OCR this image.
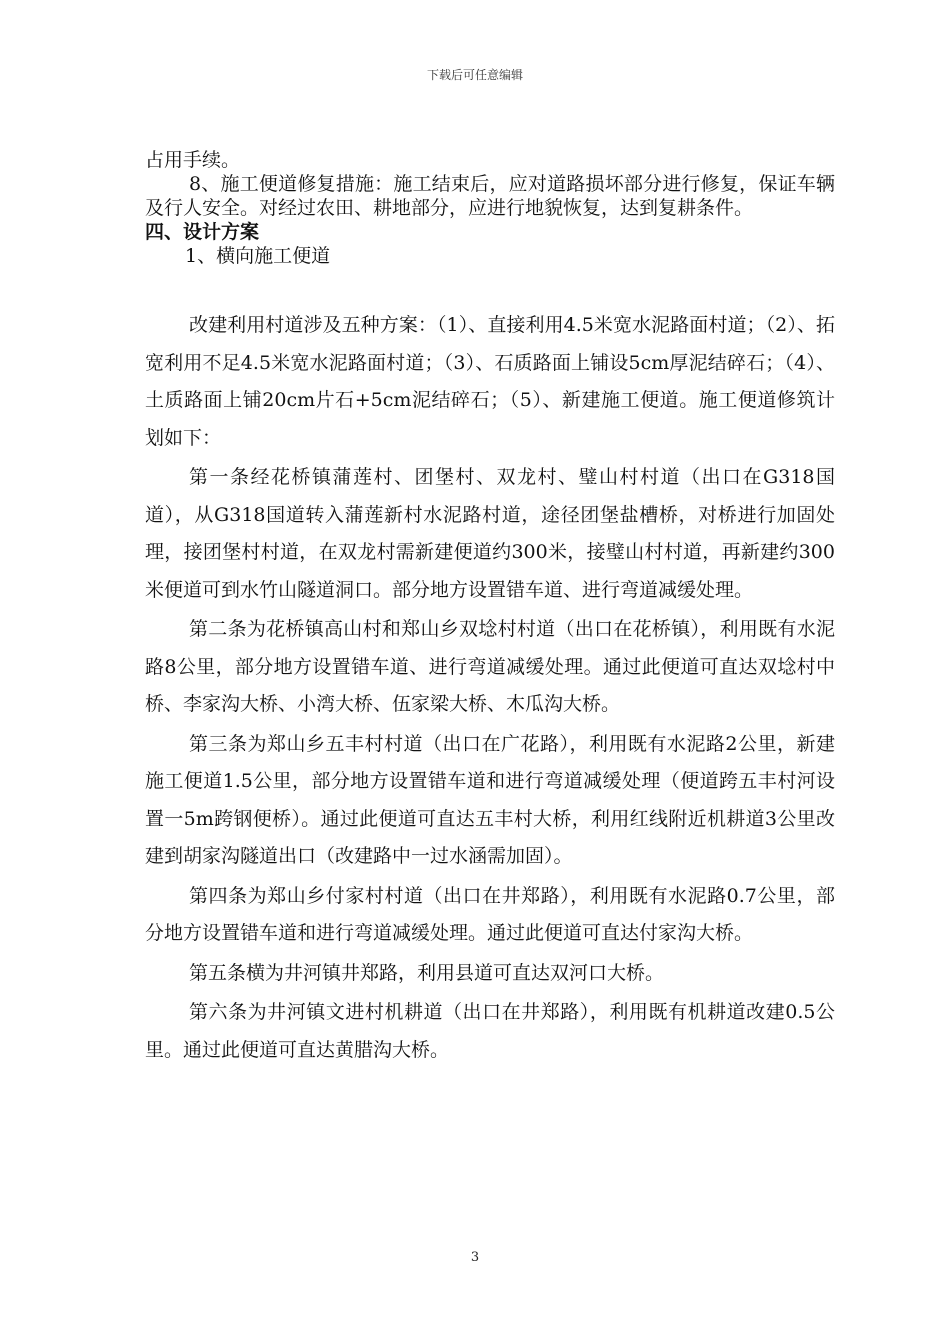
下载后可任意编辑

占用手续。

8、施工便道修复措施：施工结束后，应对道路损坏部分进行修复，保证车辆及行人安全。对经过农田、耕地部分，应进行地貌恢复，达到复耕条件。

四、设计方案

1、横向施工便道

改建利用村道涉及五种方案：（1）、直接利用4.5米宽水泥路面村道；（2）、拓宽利用不足4.5米宽水泥路面村道；（3）、石质路面上铺设5cm厚泥结碎石；（4）、土质路面上铺20cm片石+5cm泥结碎石；（5）、新建施工便道。施工便道修筑计划如下：

第一条经花桥镇蒲莲村、团堡村、双龙村、璧山村村道（出口在G318国道），从G318国道转入蒲莲新村水泥路村道，途径团堡盐槽桥，对桥进行加固处理，接团堡村村道，在双龙村需新建便道约300米，接璧山村村道，再新建约300米便道可到水竹山隧道洞口。部分地方设置错车道、进行弯道减缓处理。

第二条为花桥镇高山村和郑山乡双埝村村道（出口在花桥镇），利用既有水泥路8公里，部分地方设置错车道、进行弯道减缓处理。通过此便道可直达双埝村中桥、李家沟大桥、小湾大桥、伍家梁大桥、木瓜沟大桥。

第三条为郑山乡五丰村村道（出口在广花路），利用既有水泥路2公里，新建施工便道1.5公里，部分地方设置错车道和进行弯道减缓处理（便道跨五丰村河设置一5m跨钢便桥）。通过此便道可直达五丰村大桥，利用红线附近机耕道3公里改建到胡家沟隧道出口（改建路中一过水涵需加固）。

第四条为郑山乡付家村村道（出口在井郑路），利用既有水泥路0.7公里，部分地方设置错车道和进行弯道减缓处理。通过此便道可直达付家沟大桥。

第五条横为井河镇井郑路，利用县道可直达双河口大桥。

第六条为井河镇文进村机耕道（出口在井郑路），利用既有机耕道改建0.5公里。通过此便道可直达黄腊沟大桥。

3
